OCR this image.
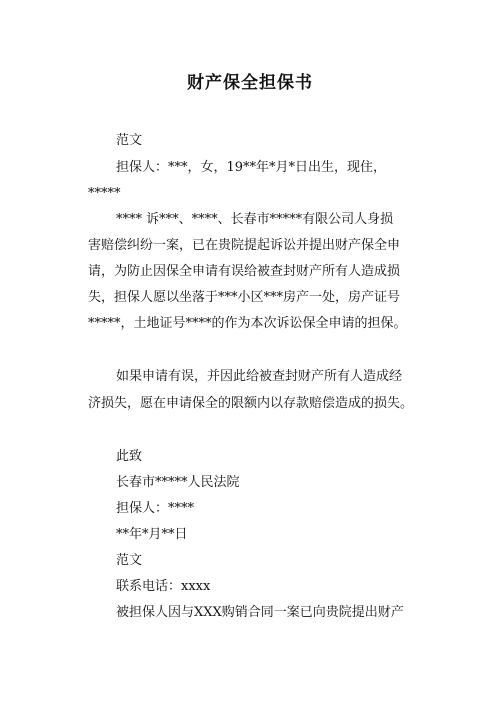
财产保全担保书
范文
担保人：***，女，19**年*月*日出生，现住，
*****
**** 诉***、****、长春市*****有限公司人身损
害赔偿纠纷一案，已在贵院提起诉讼并提出财产保全申
请，为防止因保全申请有误给被查封财产所有人造成损
失，担保人愿以坐落于***小区***房产一处，房产证号
*****，土地证号****的作为本次诉讼保全申请的担保。
如果申请有误，并因此给被查封财产所有人造成经
济损失，愿在申请保全的限额内以存款赔偿造成的损失。
此致
长春市*****人民法院
担保人：****
**年*月**日
范文
联系电话：xxxx
被担保人因与XXX购销合同一案已向贵院提出财产
